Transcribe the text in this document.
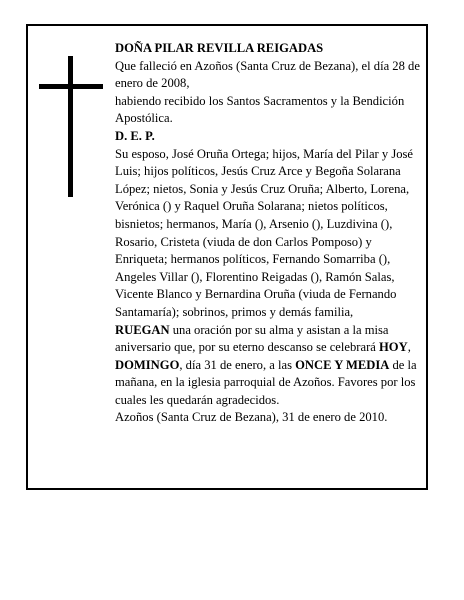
DOÑA PILAR REVILLA REIGADAS

Que falleció en Azoños (Santa Cruz de Bezana), el día 28 de enero de 2008,

habiendo recibido los Santos Sacramentos y la Bendición Apostólica.

D. E. P.

Su esposo, José Oruña Ortega; hijos, María del Pilar y José Luis; hijos políticos, Jesús Cruz Arce y Begoña Solarana López; nietos, Sonia y Jesús Cruz Oruña; Alberto, Lorena, Verónica () y Raquel Oruña Solarana; nietos políticos, bisnietos; hermanos, María (), Arsenio (), Luzdivina (), Rosario, Cristeta (viuda de don Carlos Pomposo) y Enriqueta; hermanos políticos, Fernando Somarriba (), Angeles Villar (), Florentino Reigadas (), Ramón Salas, Vicente Blanco y Bernardina Oruña (viuda de Fernando Santamaría); sobrinos, primos y demás familia,

RUEGAN una oración por su alma y asistan a la misa aniversario que, por su eterno descanso se celebrará HOY, DOMINGO, día 31 de enero, a las ONCE Y MEDIA de la mañana, en la iglesia parroquial de Azoños. Favores por los cuales les quedarán agradecidos.

Azoños (Santa Cruz de Bezana), 31 de enero de 2010.
